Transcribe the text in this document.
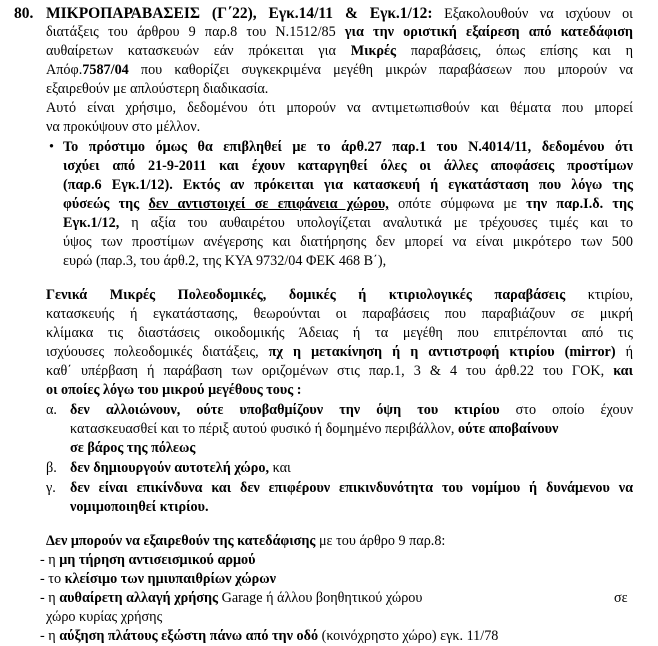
80. ΜΙΚΡΟΠΑΡΑΒΑΣΕΙΣ (Γ΄22), Εγκ.14/11 & Εγκ.1/12: Εξακολουθούν να ισχύουν οι
διατάξεις του άρθρου 9 παρ.8 του Ν.1512/85 για την οριστική εξαίρεση από κατεδάφιση
αυθαίρετων κατασκευών εάν πρόκειται για Μικρές παραβάσεις, όπως επίσης και η
Απόφ.7587/04 που καθορίζει συγκεκριμένα μεγέθη μικρών παραβάσεων που μπορούν να
εξαιρεθούν με απλούστερη διαδικασία.
Αυτό είναι χρήσιμο, δεδομένου ότι μπορούν να αντιμετωπισθούν και θέματα που μπορεί
να προκύψουν στο μέλλον.
• Το πρόστιμο όμως θα επιβληθεί με το άρθ.27 παρ.1 του Ν.4014/11, δεδομένου ότι
ισχύει από 21-9-2011 και έχουν καταργηθεί όλες οι άλλες αποφάσεις προστίμων
(παρ.6 Εγκ.1/12). Εκτός αν πρόκειται για κατασκευή ή εγκατάσταση που λόγω της
φύσεώς της δεν αντιστοιχεί σε επιφάνεια χώρου, οπότε σύμφωνα με την παρ.Ι.δ. της
Εγκ.1/12, η αξία του αυθαιρέτου υπολογίζεται αναλυτικά με τρέχουσες τιμές και το
ύψος των προστίμων ανέγερσης και διατήρησης δεν μπορεί να είναι μικρότερο των 500
ευρώ (παρ.3, του άρθ.2, της ΚΥΑ 9732/04 ΦΕΚ 468 Β΄),
Γενικά Μικρές Πολεοδομικές, δομικές ή κτιριολογικές παραβάσεις κτιρίου,
κατασκευής ή εγκατάστασης, θεωρούνται οι παραβάσεις που παραβιάζουν σε μικρή
κλίμακα τις διαστάσεις οικοδομικής Άδειας ή τα μεγέθη που επιτρέπονται από τις
ισχύουσες πολεοδομικές διατάξεις, πχ η μετακίνηση ή η αντιστροφή κτιρίου (mirror) ή
καθ΄ υπέρβαση ή παράβαση των οριζομένων στις παρ.1, 3 & 4 του άρθ.22 του ΓΟΚ, και
οι οποίες λόγω του μικρού μεγέθους τους :
α. δεν αλλοιώνουν, ούτε υποβαθμίζουν την όψη του κτιρίου στο οποίο έχουν
κατασκευασθεί και το πέριξ αυτού φυσικό ή δομημένο περιβάλλον, ούτε αποβαίνουν
σε βάρος της πόλεως
β. δεν δημιουργούν αυτοτελή χώρο, και
γ. δεν είναι επικίνδυνα και δεν επιφέρουν επικινδυνότητα του νομίμου ή δυνάμενου να
νομιμοποιηθεί κτιρίου.
Δεν μπορούν να εξαιρεθούν της κατεδάφισης με του άρθρο 9 παρ.8:
- η μη τήρηση αντισεισμικού αρμού
- το κλείσιμο των ημιυπαιθρίων χώρων
- η αυθαίρετη αλλαγή χρήσης Garage ή άλλου βοηθητικού χώρου	σε
χώρο κυρίας χρήσης
- η αύξηση πλάτους εξώστη πάνω από την οδό (κοινόχρηστο χώρο) εγκ. 11/78
